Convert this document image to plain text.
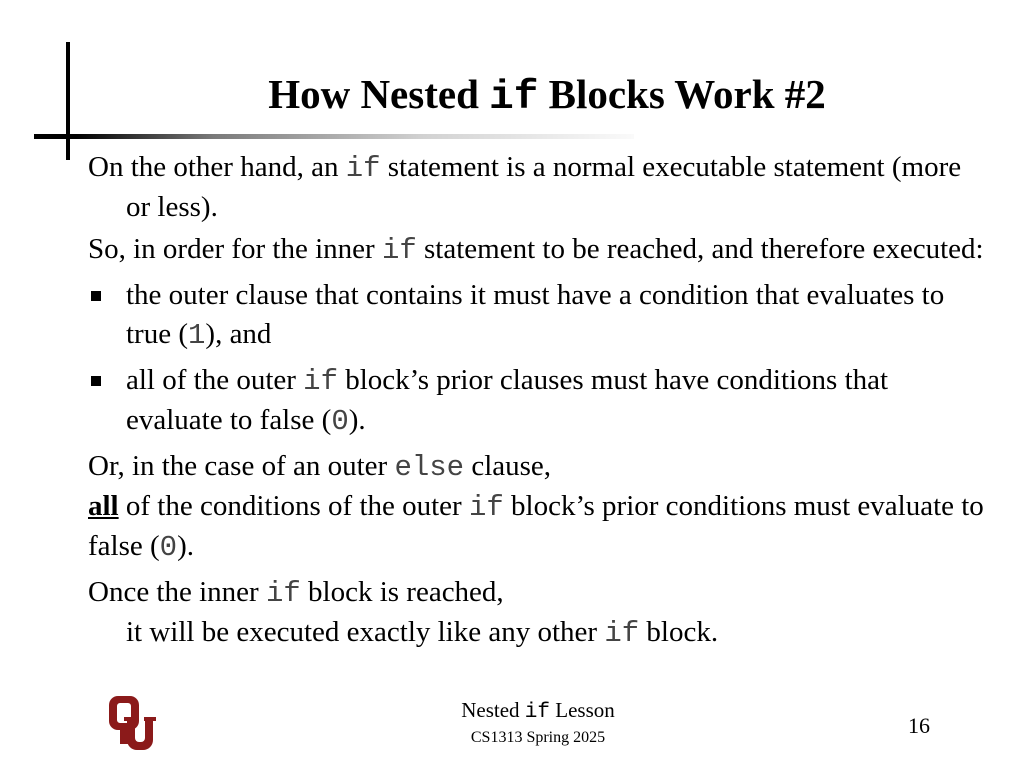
How Nested if Blocks Work #2
On the other hand, an if statement is a normal executable statement (more or less).
So, in order for the inner if statement to be reached, and therefore executed:
the outer clause that contains it must have a condition that evaluates to true (1), and
all of the outer if block’s prior clauses must have conditions that evaluate to false (0).
Or, in the case of an outer else clause,
all of the conditions of the outer if block’s prior conditions must evaluate to false (0).
Once the inner if block is reached,
it will be executed exactly like any other if block.
Nested if Lesson
CS1313 Spring 2025	16
